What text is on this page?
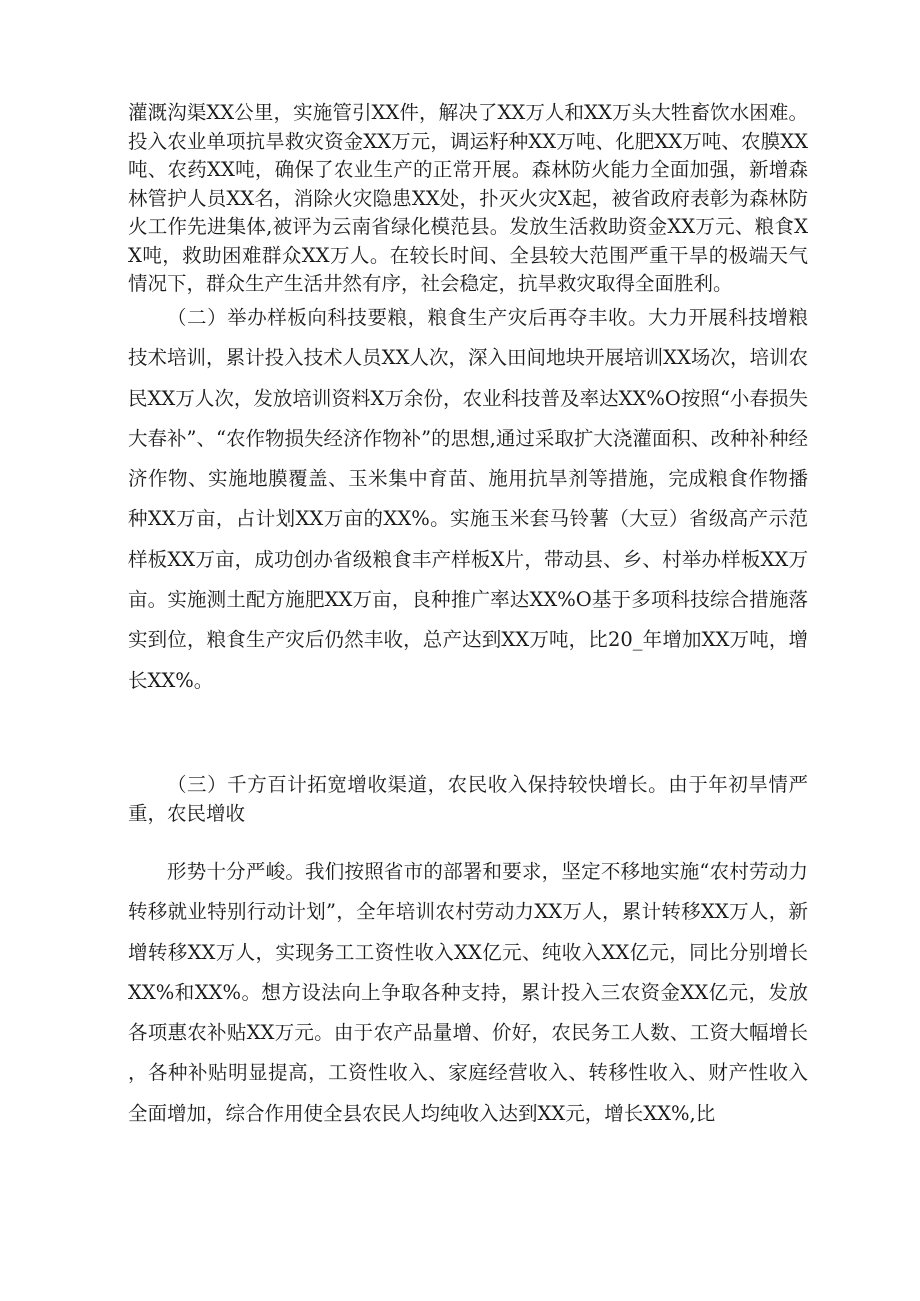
灌溉沟渠XX公里，实施管引XX件，解决了XX万人和XX万头大牲畜饮水困难。投入农业单项抗旱救灾资金XX万元，调运籽种XX万吨、化肥XX万吨、农膜XX吨、农药XX吨，确保了农业生产的正常开展。森林防火能力全面加强，新增森林管护人员XX名，消除火灾隐患XX处，扑灭火灾X起，被省政府表彰为森林防火工作先进集体,被评为云南省绿化模范县。发放生活救助资金XX万元、粮食XX吨，救助困难群众XX万人。在较长时间、全县较大范围严重干旱的极端天气情况下，群众生产生活井然有序，社会稳定，抗旱救灾取得全面胜利。

（二）举办样板向科技要粮，粮食生产灾后再夺丰收。大力开展科技增粮技术培训，累计投入技术人员XX人次，深入田间地块开展培训XX场次，培训农民XX万人次，发放培训资料X万余份，农业科技普及率达XX%O按照“小春损失大春补”、“农作物损失经济作物补”的思想,通过采取扩大浇灌面积、改种补种经济作物、实施地膜覆盖、玉米集中育苗、施用抗旱剂等措施，完成粮食作物播种XX万亩，占计划XX万亩的XX%。实施玉米套马铃薯（大豆）省级高产示范样板XX万亩，成功创办省级粮食丰产样板X片，带动县、乡、村举办样板XX万亩。实施测土配方施肥XX万亩，良种推广率达XX%O基于多项科技综合措施落实到位，粮食生产灾后仍然丰收，总产达到XX万吨，比20_年增加XX万吨，增长XX%。

（三）千方百计拓宽增收渠道，农民收入保持较快增长。由于年初旱情严重，农民增收

形势十分严峻。我们按照省市的部署和要求，坚定不移地实施“农村劳动力转移就业特别行动计划”，全年培训农村劳动力XX万人，累计转移XX万人，新增转移XX万人，实现务工工资性收入XX亿元、纯收入XX亿元，同比分别增长XX%和XX%。想方设法向上争取各种支持，累计投入三农资金XX亿元，发放各项惠农补贴XX万元。由于农产品量增、价好，农民务工人数、工资大幅增长，各种补贴明显提高，工资性收入、家庭经营收入、转移性收入、财产性收入全面增加，综合作用使全县农民人均纯收入达到XX元，增长XX%,比
